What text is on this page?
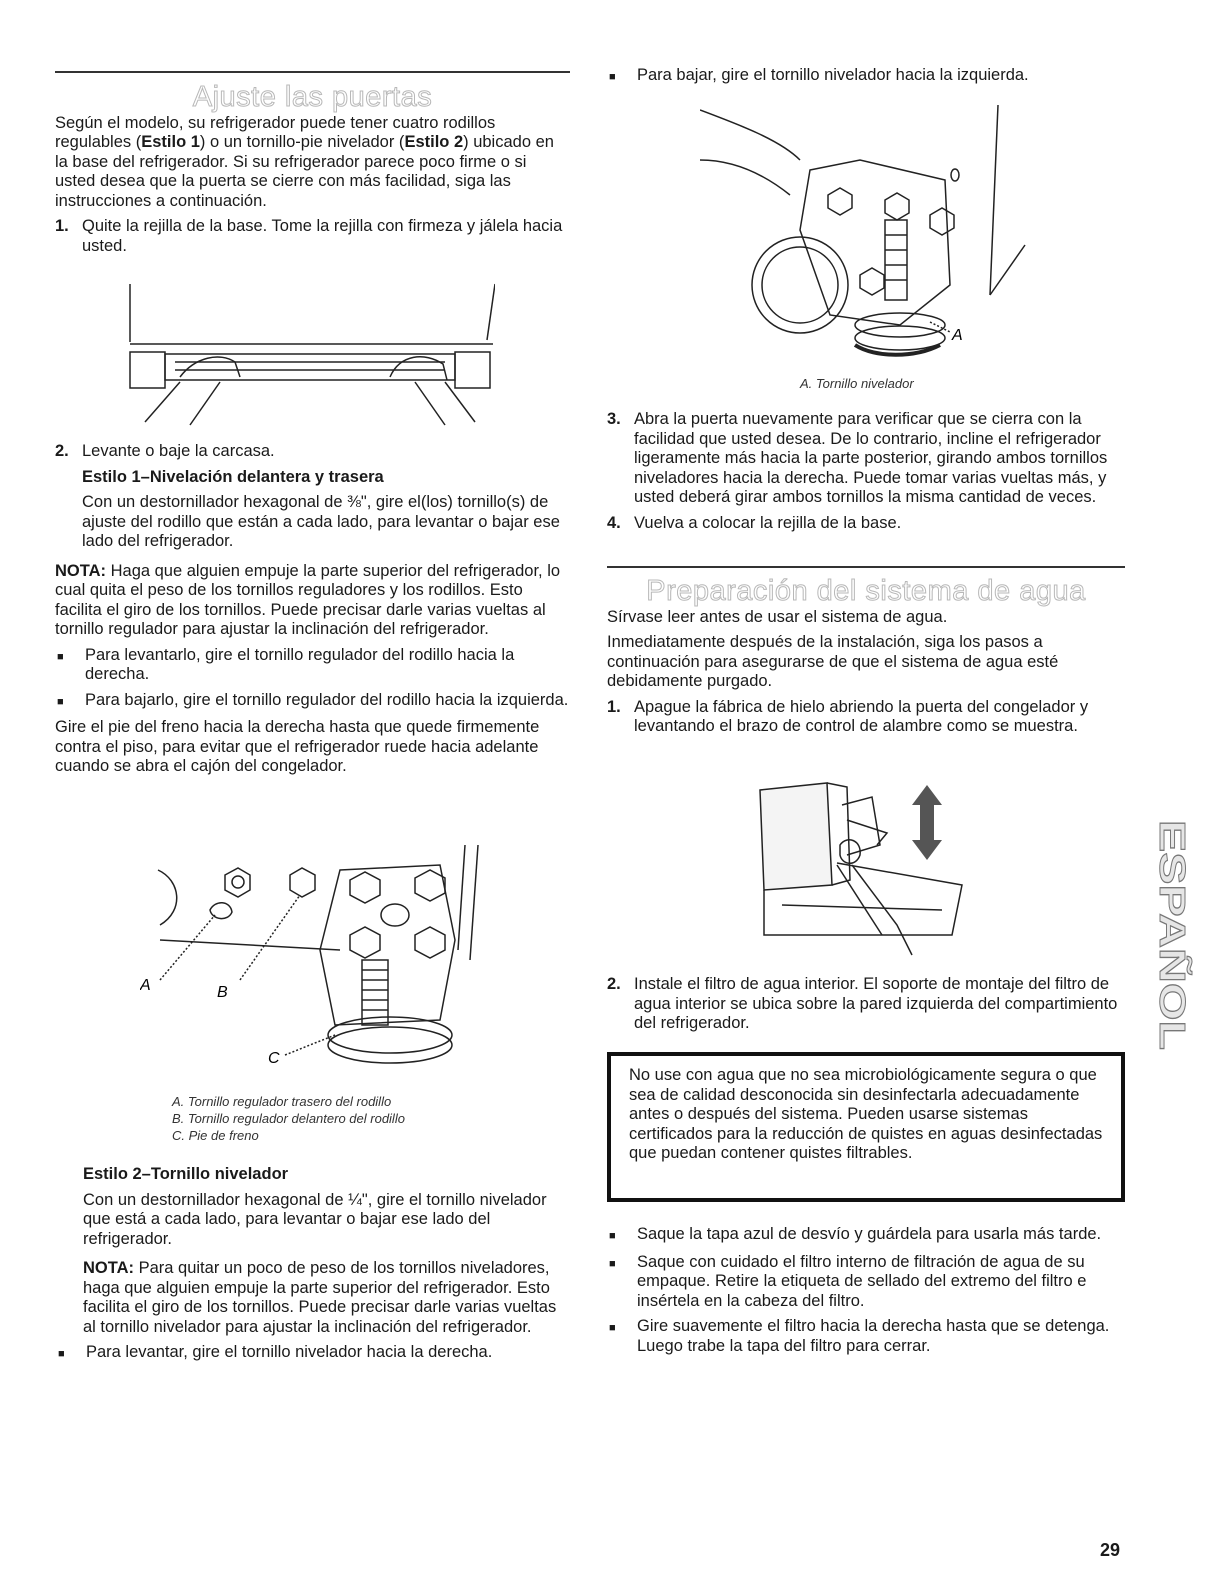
Ajuste las puertas

Según el modelo, su refrigerador puede tener cuatro rodillos regulables (Estilo 1) o un tornillo-pie nivelador (Estilo 2) ubicado en la base del refrigerador. Si su refrigerador parece poco firme o si usted desea que la puerta se cierre con más facilidad, siga las instrucciones a continuación.

1. Quite la rejilla de la base. Tome la rejilla con firmeza y jálela hacia usted.
2. Levante o baje la carcasa.
Estilo 1–Nivelación delantera y trasera

Con un destornillador hexagonal de ⅜", gire el(los) tornillo(s) de ajuste del rodillo que están a cada lado, para levantar o bajar ese lado del refrigerador.

NOTA: Haga que alguien empuje la parte superior del refrigerador, lo cual quita el peso de los tornillos reguladores y los rodillos. Esto facilita el giro de los tornillos. Puede precisar darle varias vueltas al tornillo regulador para ajustar la inclinación del refrigerador.

■	Para levantarlo, gire el tornillo regulador del rodillo hacia la derecha.
■	Para bajarlo, gire el tornillo regulador del rodillo hacia la izquierda.

Gire el pie del freno hacia la derecha hasta que quede firmemente contra el piso, para evitar que el refrigerador ruede hacia adelante cuando se abra el cajón del congelador.

A	B
C
A. Tornillo regulador trasero del rodillo
B. Tornillo regulador delantero del rodillo
C. Pie de freno
Estilo 2–Tornillo nivelador

Con un destornillador hexagonal de ¼", gire el tornillo nivelador que está a cada lado, para levantar o bajar ese lado del refrigerador.

NOTA: Para quitar un poco de peso de los tornillos niveladores, haga que alguien empuje la parte superior del refrigerador. Esto facilita el giro de los tornillos. Puede precisar darle varias vueltas al tornillo nivelador para ajustar la inclinación del refrigerador.

■	Para levantar, gire el tornillo nivelador hacia la derecha.
■	Para bajar, gire el tornillo nivelador hacia la izquierda.
A
A. Tornillo nivelador
3. Abra la puerta nuevamente para verificar que se cierra con la facilidad que usted desea. De lo contrario, incline el refrigerador ligeramente más hacia la parte posterior, girando ambos tornillos niveladores hacia la derecha. Puede tomar varias vueltas más, y usted deberá girar ambos tornillos la misma cantidad de veces.
4. Vuelva a colocar la rejilla de la base.
Preparación del sistema de agua

Sírvase leer antes de usar el sistema de agua.

Inmediatamente después de la instalación, siga los pasos a continuación para asegurarse de que el sistema de agua esté debidamente purgado.

1. Apague la fábrica de hielo abriendo la puerta del congelador y levantando el brazo de control de alambre como se muestra.
2. Instale el filtro de agua interior. El soporte de montaje del filtro de agua interior se ubica sobre la pared izquierda del compartimiento del refrigerador.
No use con agua que no sea microbiológicamente segura o que sea de calidad desconocida sin desinfectarla adecuadamente antes o después del sistema. Pueden usarse sistemas certificados para la reducción de quistes en aguas desinfectadas que puedan contener quistes filtrables.
■	Saque la tapa azul de desvío y guárdela para usarla más tarde.
■	Saque con cuidado el filtro interno de filtración de agua de su empaque. Retire la etiqueta de sellado del extremo del filtro e insértela en la cabeza del filtro.
■	Gire suavemente el filtro hacia la derecha hasta que se detenga. Luego trabe la tapa del filtro para cerrar.
ESPAÑOL
29
